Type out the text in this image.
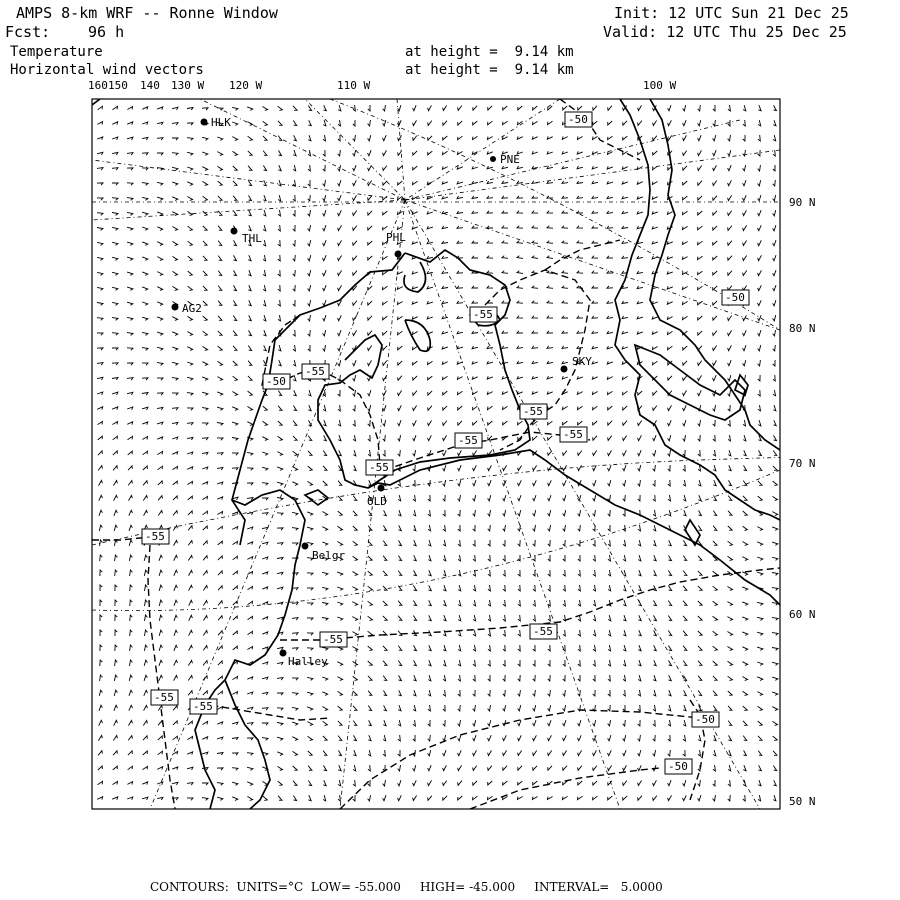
AMPS 8-km WRF -- Ronne Window	Init: 12 UTC Sun 21 Dec 25
Fcst:	96 h	Valid: 12 UTC Thu 25 Dec 25
Temperature
Horizontal wind vectors
at height =  9.14 km
at height =  9.14 km
160 150 140 130 W 120 W	110 W	100 W
90 N
80 N
70 N
60 N
50 N
HLK
PNE
THL	PHL
AG2
SKY
OLD
Belgr
Halley
-50
-55
-55
-50
-50
-55
-55
-55
-55
-55
-55
-55
-55
-55
-50
-50
CONTOURS:  UNITS=°C  LOW= -55.000     HIGH= -45.000     INTERVAL=   5.0000
